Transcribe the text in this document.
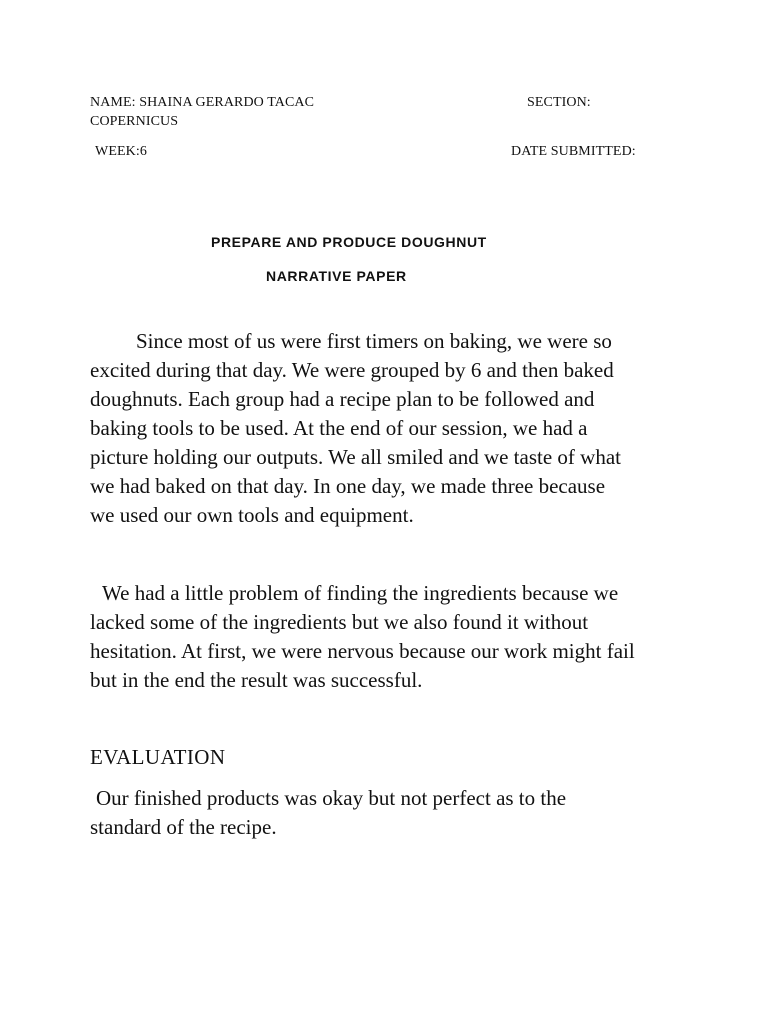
NAME: SHAINA GERARDO TACAC	SECTION:
COPERNICUS
WEEK:6	DATE SUBMITTED:
PREPARE AND PRODUCE DOUGHNUT
NARRATIVE PAPER
Since most of us were first timers on baking, we were so
excited during that day. We were grouped by 6 and then baked
doughnuts. Each group had a recipe plan to be followed and
baking tools to be used. At the end of our session, we had a
picture holding our outputs. We all smiled and we taste of what
we had baked on that day. In one day, we made three because
we used our own tools and equipment.
We had a little problem of finding the ingredients because we
lacked some of the ingredients but we also found it without
hesitation. At first, we were nervous because our work might fail
but in the end the result was successful.
EVALUATION
Our finished products was okay but not perfect as to the
standard of the recipe.
